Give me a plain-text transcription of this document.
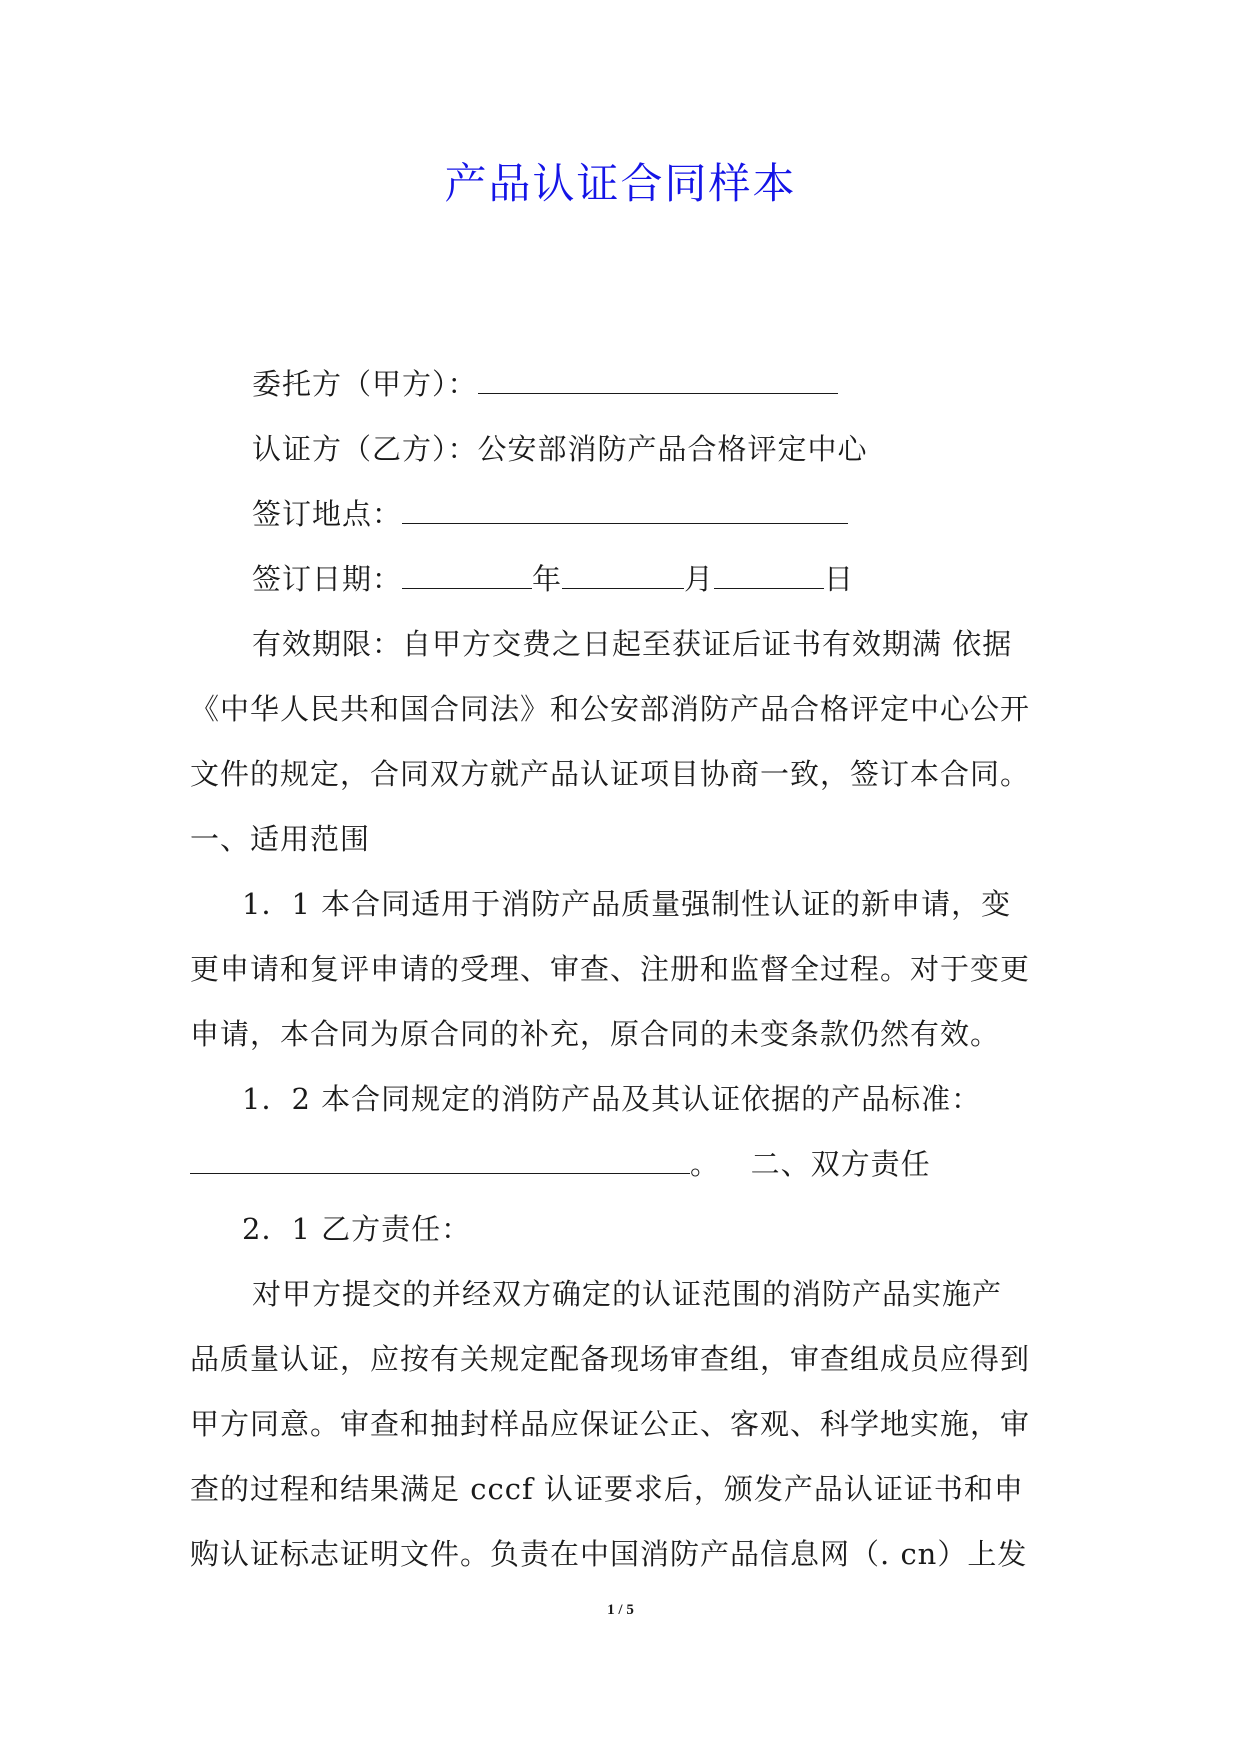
产品认证合同样本
委托方（甲方）：
认证方（乙方）：公安部消防产品合格评定中心
签订地点：
签订日期：	年	月	日
有效期限：自甲方交费之日起至获证后证书有效期满 依据
《中华人民共和国合同法》和公安部消防产品合格评定中心公开
文件的规定，合同双方就产品认证项目协商一致，签订本合同。
一、适用范围
1．1 本合同适用于消防产品质量强制性认证的新申请，变
更申请和复评申请的受理、审查、注册和监督全过程。对于变更
申请，本合同为原合同的补充，原合同的未变条款仍然有效。
1．2 本合同规定的消防产品及其认证依据的产品标准：
。 二、双方责任
2．1 乙方责任：
对甲方提交的并经双方确定的认证范围的消防产品实施产
品质量认证，应按有关规定配备现场审查组，审查组成员应得到
甲方同意。审查和抽封样品应保证公正、客观、科学地实施，审
查的过程和结果满足 cccf 认证要求后，颁发产品认证证书和申
购认证标志证明文件。负责在中国消防产品信息网（. cn）上发
1 / 5
